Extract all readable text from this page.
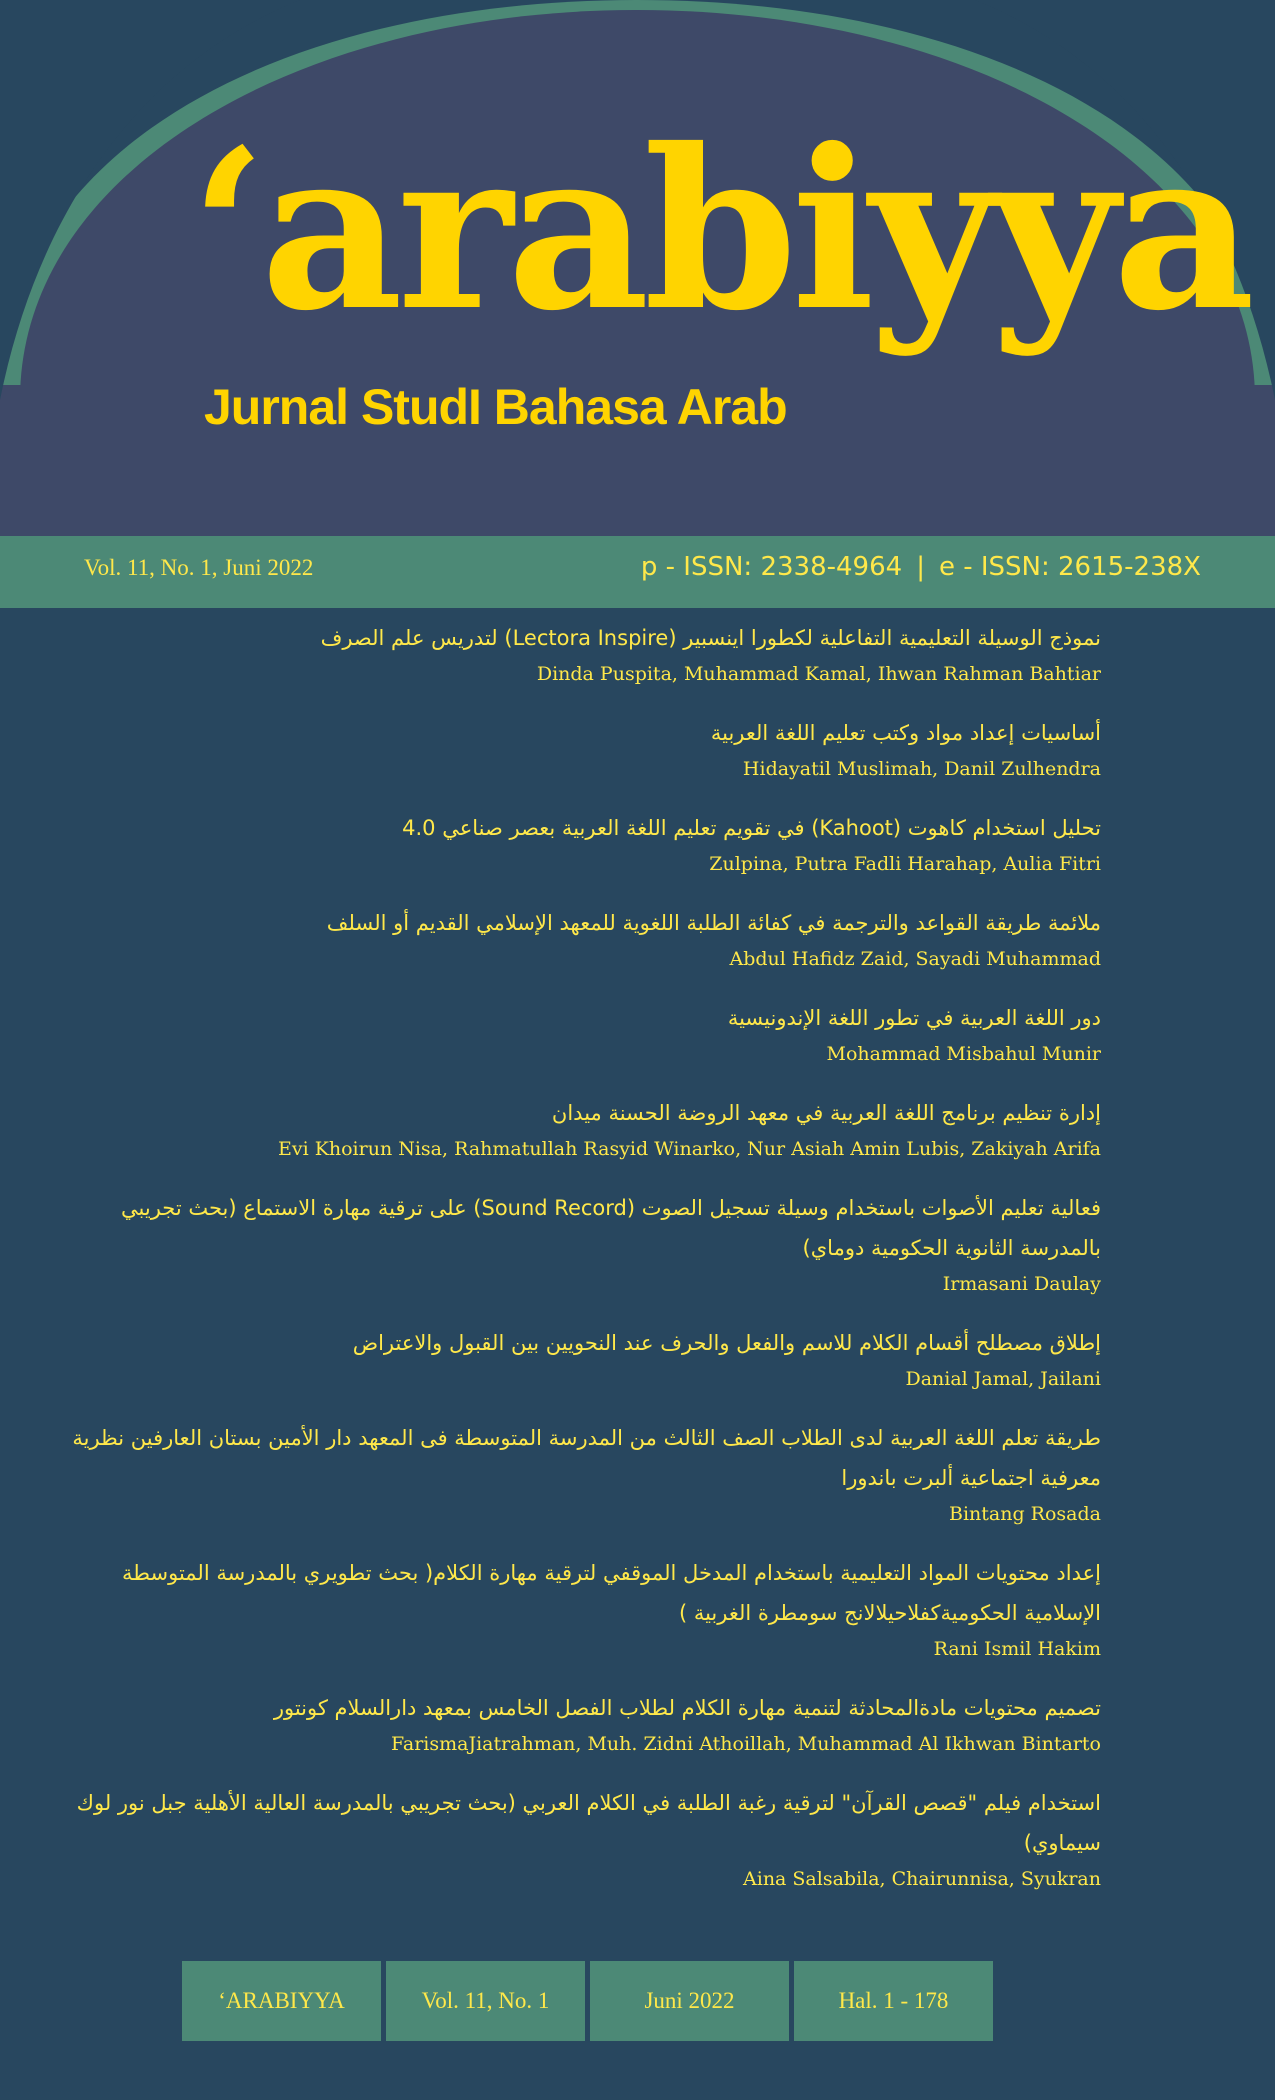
‘arabiyya
Jurnal StudI Bahasa Arab
Vol. 11, No. 1, Juni 2022	p - ISSN: 2338-4964 | e - ISSN: 2615-238X
نموذج الوسيلة التعليمية التفاعلية لكطورا اينسبير (Lectora Inspire) لتدريس علم الصرف
Dinda Puspita, Muhammad Kamal, Ihwan Rahman Bahtiar
أساسيات إعداد مواد وكتب تعليم اللغة العربية
Hidayatil Muslimah, Danil Zulhendra
تحليل استخدام كاهوت (Kahoot) في تقويم تعليم اللغة العربية بعصر صناعي 4.0
Zulpina, Putra Fadli Harahap, Aulia Fitri
ملائمة طريقة القواعد والترجمة في كفائة الطلبة اللغوية للمعهد الإسلامي القديم أو السلف
Abdul Hafidz Zaid, Sayadi Muhammad
دور اللغة العربية في تطور اللغة الإندونيسية
Mohammad Misbahul Munir
إدارة تنظيم برنامج اللغة العربية في معهد الروضة الحسنة ميدان
Evi Khoirun Nisa, Rahmatullah Rasyid Winarko, Nur Asiah Amin Lubis, Zakiyah Arifa
فعالية تعليم الأصوات باستخدام وسيلة تسجيل الصوت (Sound Record) على ترقية مهارة الاستماع (بحث تجريبي بالمدرسة الثانوية الحكومية دوماي)
Irmasani Daulay
إطلاق مصطلح أقسام الكلام للاسم والفعل والحرف عند النحويين بين القبول والاعتراض
Danial Jamal, Jailani
طريقة تعلم اللغة العربية لدى الطلاب الصف الثالث من المدرسة المتوسطة فى المعهد دار الأمين بستان العارفين نظرية معرفية اجتماعية ألبرت باندورا
Bintang Rosada
إعداد محتويات المواد التعليمية باستخدام المدخل الموقفي لترقية مهارة الكلام( بحث تطويري بالمدرسة المتوسطة الإسلامية الحكوميةكفلاحيلالانج سومطرة الغربية )
Rani Ismil Hakim
تصميم محتويات مادةالمحادثة لتنمية مهارة الكلام لطلاب الفصل الخامس بمعهد دارالسلام كونتور
FarismaJiatrahman, Muh. Zidni Athoillah, Muhammad Al Ikhwan Bintarto
استخدام فيلم "قصص القرآن" لترقية رغبة الطلبة في الكلام العربي (بحث تجريبي بالمدرسة العالية الأهلية جبل نور لوك سيماوي)
Aina Salsabila, Chairunnisa, Syukran
‘ARABIYYA	Vol. 11, No. 1	Juni 2022	Hal. 1 - 178
